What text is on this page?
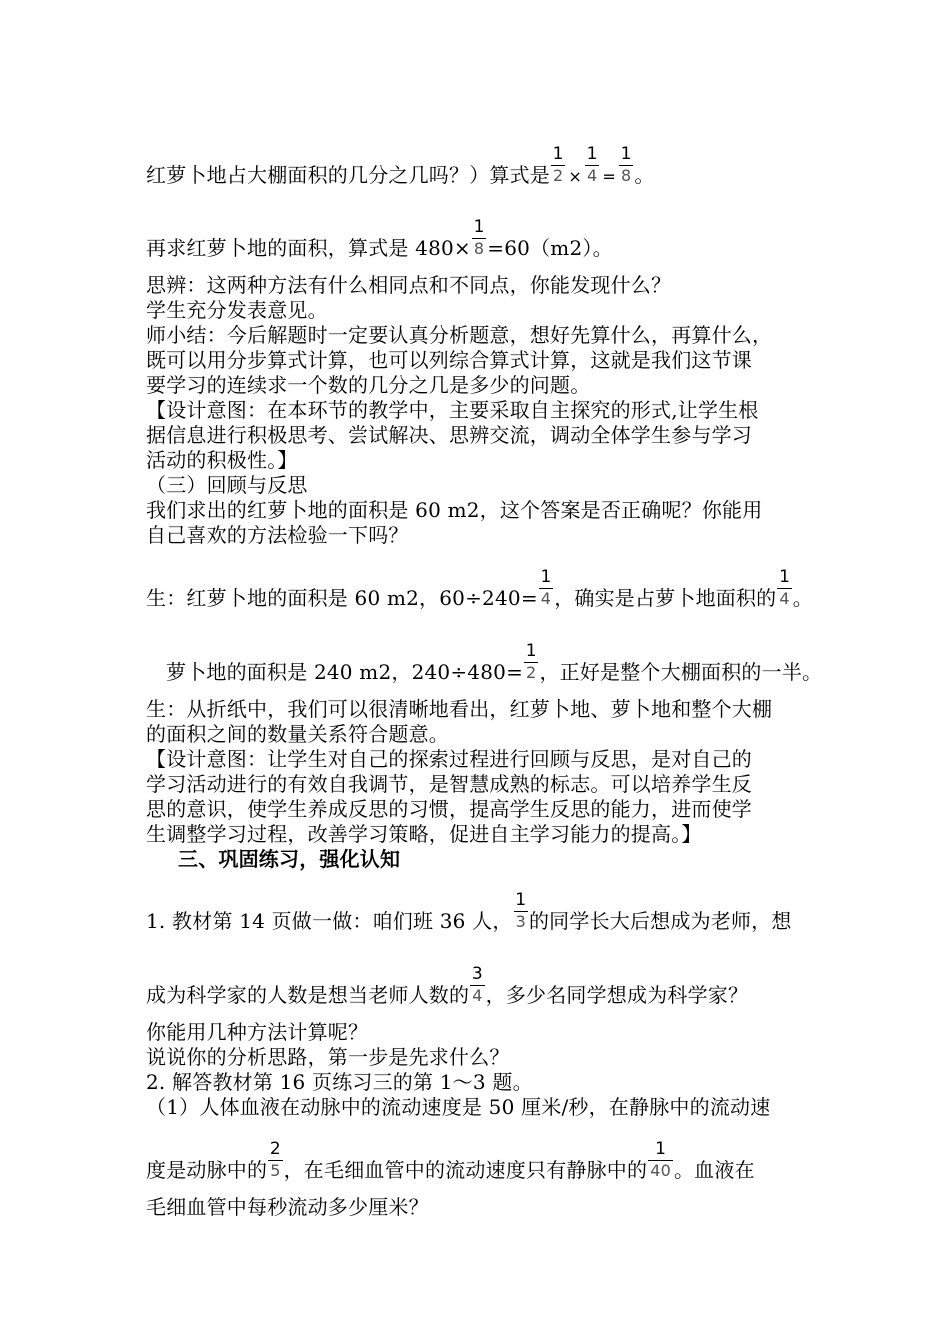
红萝卜地占大棚面积的几分之几吗？）算式是 $\frac{1}{2} \times \frac{1}{4} = \frac{1}{8}$ 。
再求红萝卜地的面积，算式是 $480\times \frac{1}{8} =60(m2)$。
思辨：这两种方法有什么相同点和不同点，你能发现什么？
学生充分发表意见。
师小结：今后解题时一定要认真分析题意，想好先算什么，再算什么，
既可以用分步算式计算，也可以列综合算式计算，这就是我们这节课
要学习的连续求一个数的几分之几是多少的问题。
【设计意图：在本环节的教学中，主要采取自主探究的形式,让学生根
据信息进行积极思考、尝试解决、思辨交流，调动全体学生参与学习
活动的积极性。】
（三）回顾与反思
我们求出的红萝卜地的面积是 60 m2，这个答案是否正确呢？你能用
自己喜欢的方法检验一下吗？
生：红萝卜地的面积是 60 m2，$60\div 240= \frac{1}{4}$ ，确实是占萝卜地面积的 $\frac{1}{4}$ 。
萝卜地的面积是 240 m2，$240\div 480= \frac{1}{2}$ ，正好是整个大棚面积的一半。
生：从折纸中，我们可以很清晰地看出，红萝卜地、萝卜地和整个大棚
的面积之间的数量关系符合题意。
【设计意图：让学生对自己的探索过程进行回顾与反思，是对自己的
学习活动进行的有效自我调节，是智慧成熟的标志。可以培养学生反
思的意识，使学生养成反思的习惯，提高学生反思的能力，进而使学
生调整学习过程，改善学习策略，促进自主学习能力的提高。】
三、巩固练习，强化认知
1. 教材第 14 页做一做：咱们班 36 人， $\frac{1}{3}$ 的同学长大后想成为老师，想
成为科学家的人数是想当老师人数的 $\frac{3}{4}$ ，多少名同学想成为科学家？
你能用几种方法计算呢？
说说你的分析思路，第一步是先求什么？
2. 解答教材第 16 页练习三的第 1～3 题。
（1）人体血液在动脉中的流动速度是 50 厘米/秒，在静脉中的流动速
度是动脉中的 $\frac{2}{5}$ ，在毛细血管中的流动速度只有静脉中的 $\frac{1}{40}$ 。血液在
毛细血管中每秒流动多少厘米？
